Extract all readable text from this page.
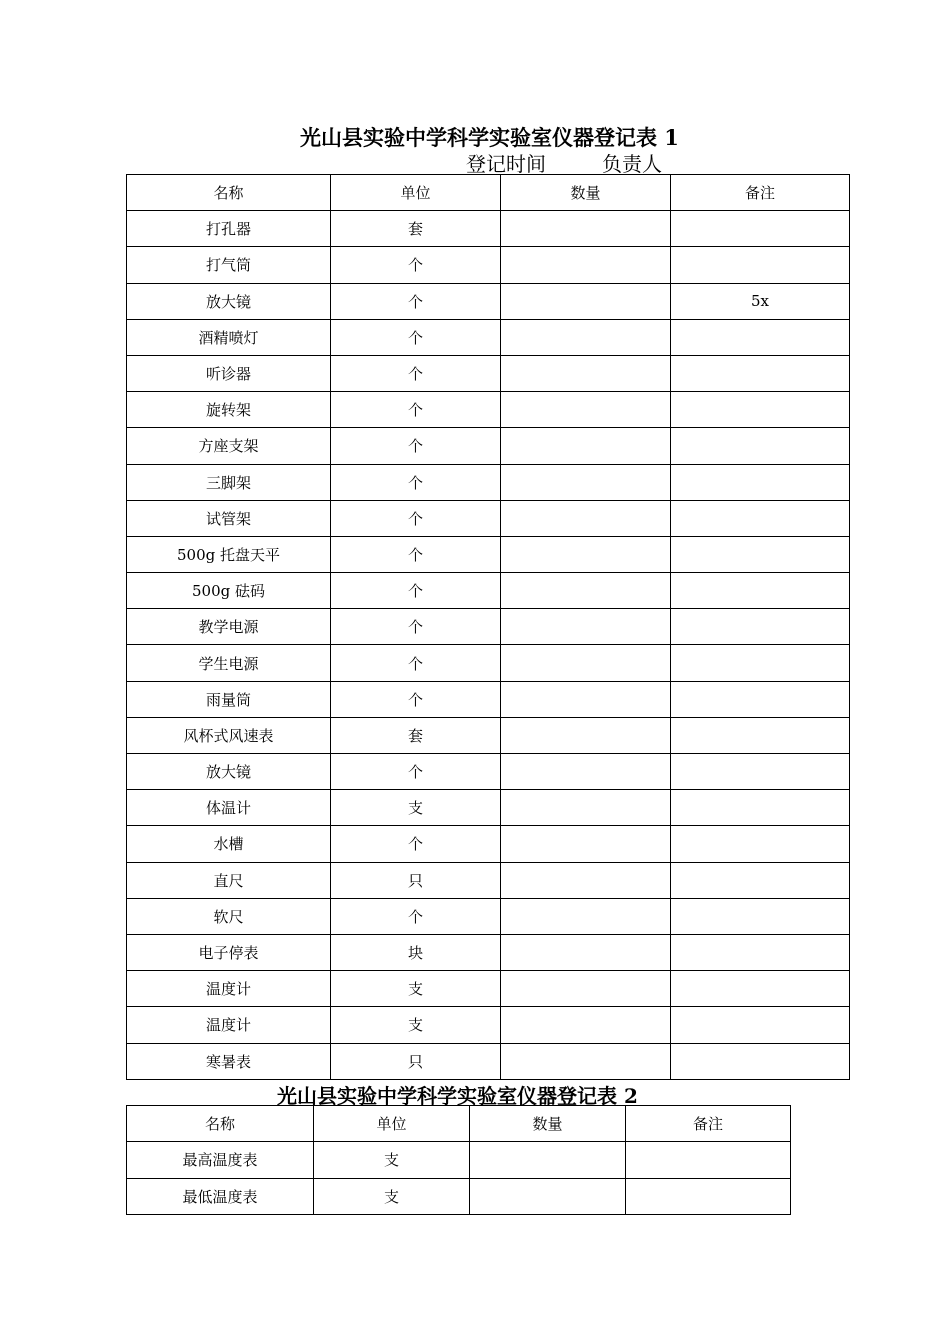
光山县实验中学科学实验室仪器登记表 1
登记时间	负责人
名称	单位	数量	备注
打孔器	套		
打气筒	个		
放大镜	个		5x
酒精喷灯	个		
听诊器	个		
旋转架	个		
方座支架	个		
三脚架	个		
试管架	个		
500g 托盘天平	个		
500g 砝码	个		
教学电源	个		
学生电源	个		
雨量筒	个		
风杯式风速表	套		
放大镜	个		
体温计	支		
水槽	个		
直尺	只		
软尺	个		
电子停表	块		
温度计	支		
温度计	支		
寒暑表	只		
光山县实验中学科学实验室仪器登记表 2
名称	单位	数量	备注
最高温度表	支		
最低温度表	支		
